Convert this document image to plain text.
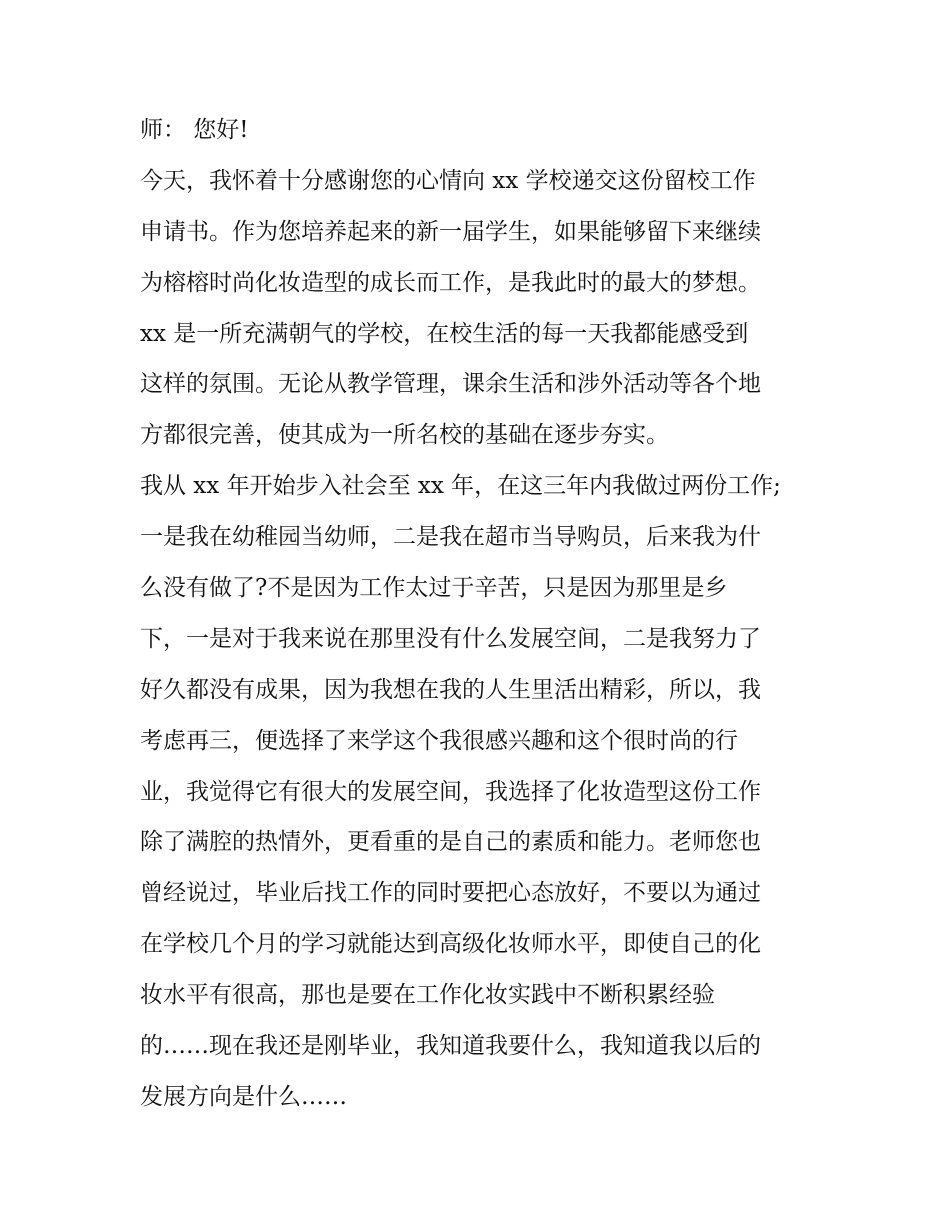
师： 您好!
今天，我怀着十分感谢您的心情向 xx 学校递交这份留校工作
申请书。作为您培养起来的新一届学生，如果能够留下来继续
为榕榕时尚化妆造型的成长而工作，是我此时的最大的梦想。
xx 是一所充满朝气的学校，在校生活的每一天我都能感受到
这样的氛围。无论从教学管理，课余生活和涉外活动等各个地
方都很完善，使其成为一所名校的基础在逐步夯实。
我从 xx 年开始步入社会至 xx 年，在这三年内我做过两份工作;
一是我在幼稚园当幼师，二是我在超市当导购员，后来我为什
么没有做了?不是因为工作太过于辛苦，只是因为那里是乡
下，一是对于我来说在那里没有什么发展空间，二是我努力了
好久都没有成果，因为我想在我的人生里活出精彩，所以，我
考虑再三，便选择了来学这个我很感兴趣和这个很时尚的行
业，我觉得它有很大的发展空间，我选择了化妆造型这份工作
除了满腔的热情外，更看重的是自己的素质和能力。老师您也
曾经说过，毕业后找工作的同时要把心态放好，不要以为通过
在学校几个月的学习就能达到高级化妆师水平，即使自己的化
妆水平有很高，那也是要在工作化妆实践中不断积累经验
的……现在我还是刚毕业，我知道我要什么，我知道我以后的
发展方向是什么……
